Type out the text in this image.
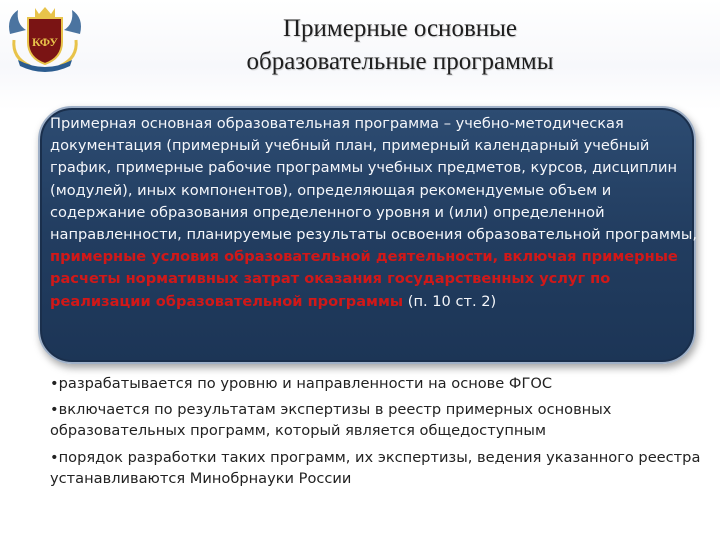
КФУ	Примерные основные
образовательные программы

Примерная основная образовательная программа – учебно-методическая документация (примерный учебный план, примерный календарный учебный график, примерные рабочие программы учебных предметов, курсов, дисциплин (модулей), иных компонентов), определяющая рекомендуемые объем и содержание образования определенного уровня и (или) определенной направленности, планируемые результаты освоения образовательной программы, примерные условия образовательной деятельности, включая примерные расчеты нормативных затрат оказания государственных услуг по реализации образовательной программы (п. 10 ст. 2)

•разрабатывается по уровню и направленности на основе ФГОС

•включается по результатам экспертизы в реестр примерных основных образовательных программ, который является общедоступным

•порядок разработки таких программ, их экспертизы, ведения указанного реестра устанавливаются Минобрнауки России
